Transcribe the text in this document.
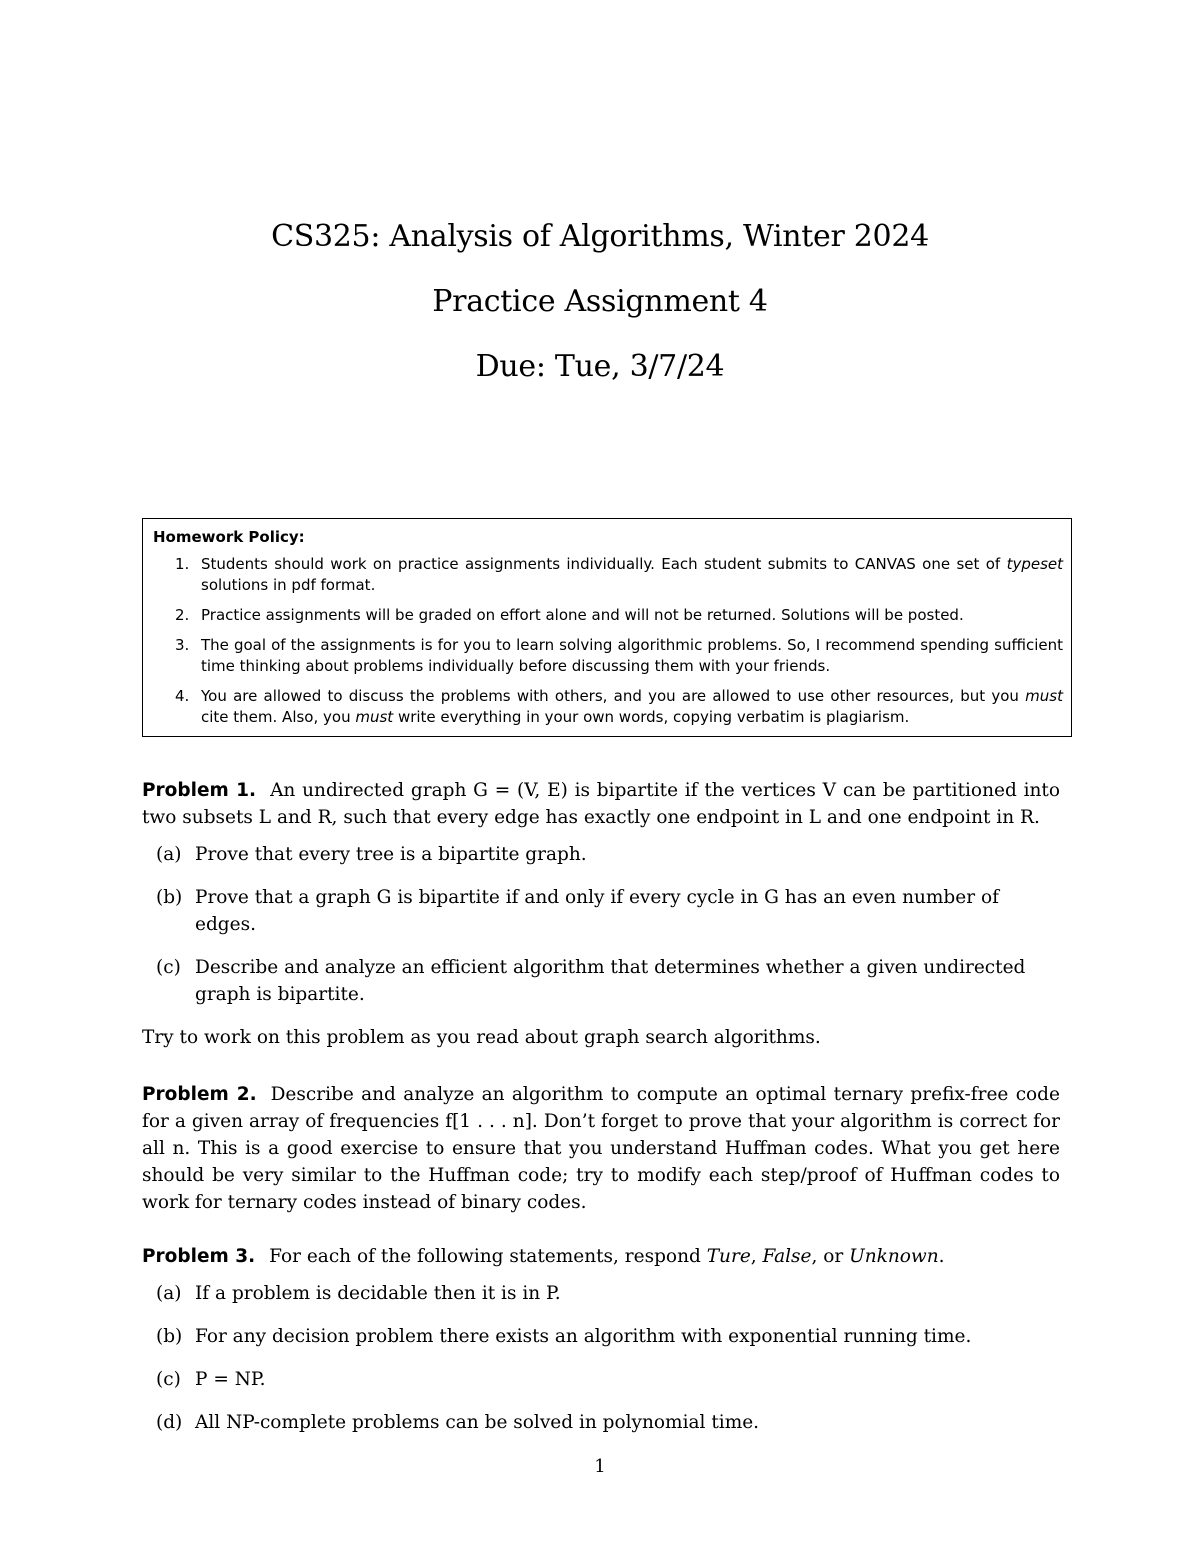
CS325: Analysis of Algorithms, Winter 2024
Practice Assignment 4
Due: Tue, 3/7/24
Homework Policy:
1. Students should work on practice assignments individually. Each student submits to CANVAS one set of typeset solutions in pdf format.
2. Practice assignments will be graded on effort alone and will not be returned. Solutions will be posted.
3. The goal of the assignments is for you to learn solving algorithmic problems. So, I recommend spending sufficient time thinking about problems individually before discussing them with your friends.
4. You are allowed to discuss the problems with others, and you are allowed to use other resources, but you must cite them. Also, you must write everything in your own words, copying verbatim is plagiarism.

Problem 1. An undirected graph G = (V, E) is bipartite if the vertices V can be partitioned into two subsets L and R, such that every edge has exactly one endpoint in L and one endpoint in R.

(a) Prove that every tree is a bipartite graph.
(b) Prove that a graph G is bipartite if and only if every cycle in G has an even number of edges.
(c) Describe and analyze an efficient algorithm that determines whether a given undirected graph is bipartite.

Try to work on this problem as you read about graph search algorithms.

Problem 2. Describe and analyze an algorithm to compute an optimal ternary prefix-free code for a given array of frequencies f[1 . . . n]. Don’t forget to prove that your algorithm is correct for all n. This is a good exercise to ensure that you understand Huffman codes. What you get here should be very similar to the Huffman code; try to modify each step/proof of Huffman codes to work for ternary codes instead of binary codes.

Problem 3. For each of the following statements, respond Ture, False, or Unknown.

(a) If a problem is decidable then it is in P.
(b) For any decision problem there exists an algorithm with exponential running time.
(c) P = NP.
(d) All NP-complete problems can be solved in polynomial time.
1
